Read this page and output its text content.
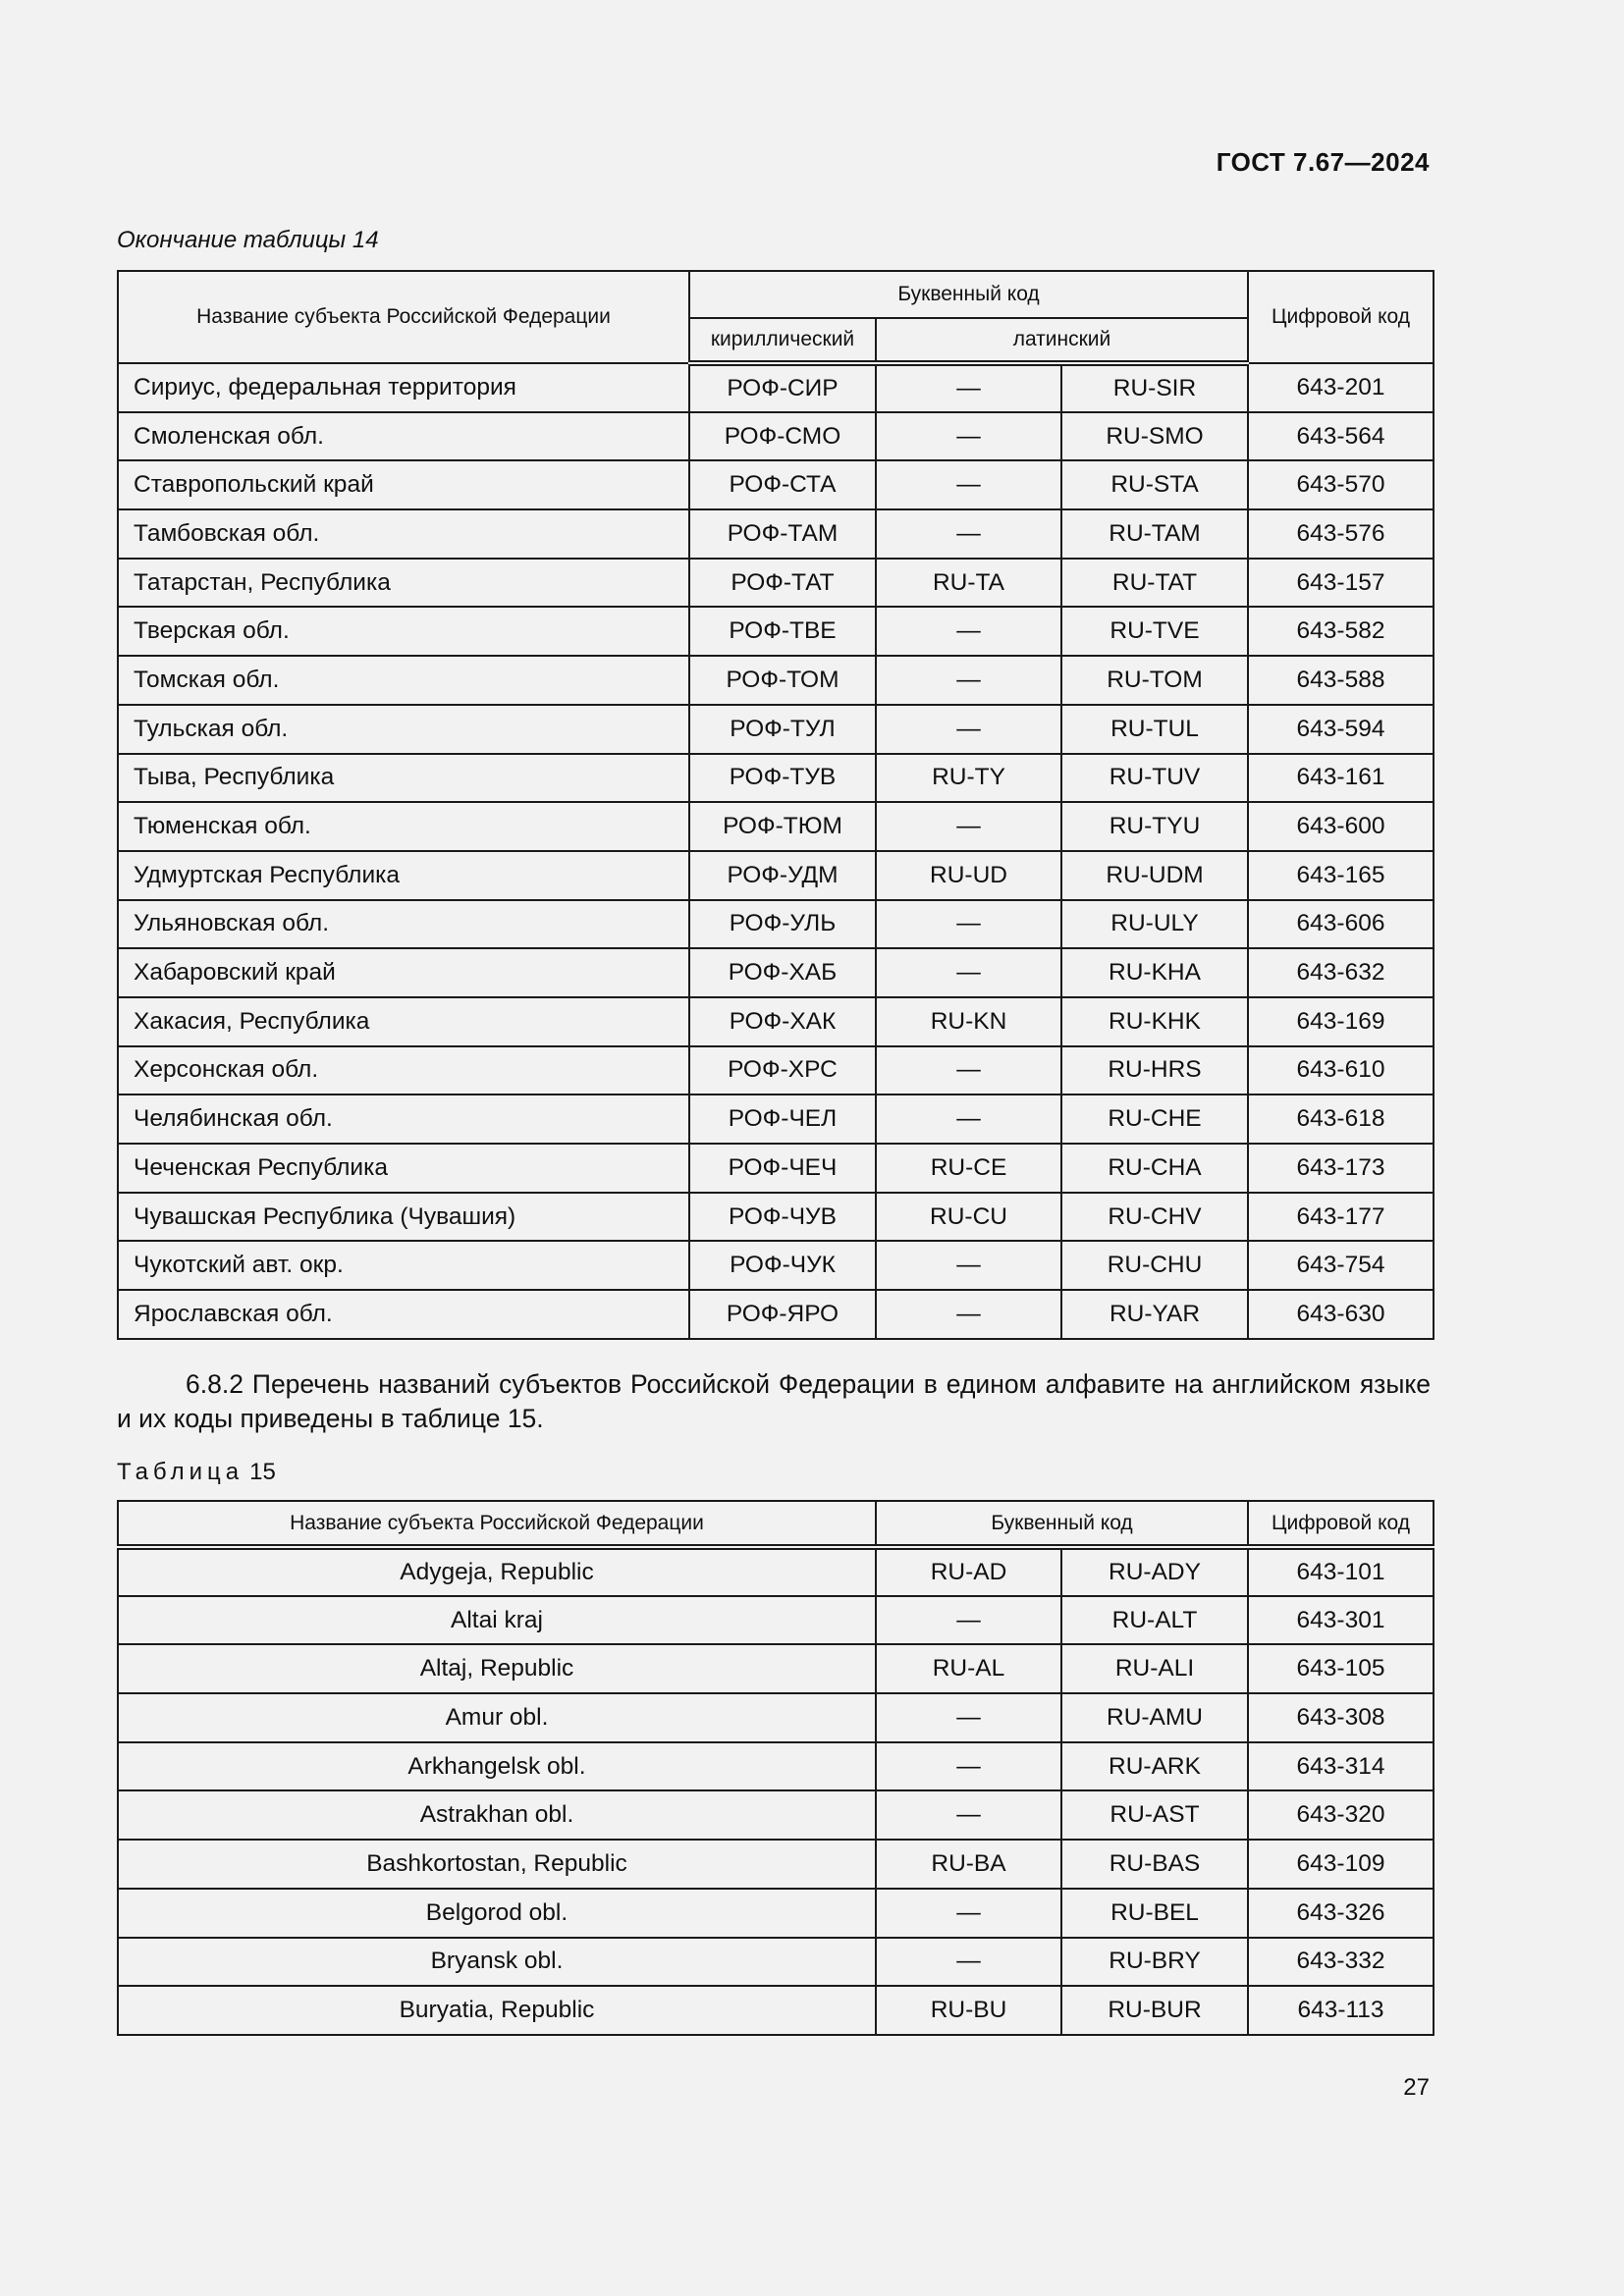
ГОСТ 7.67—2024
Окончание таблицы 14
Название субъекта Российской Федерации	Буквенный код			Цифровой код
	кириллический	латинский		
Сириус, федеральная территория	РОФ-СИР	—	RU-SIR	643-201
Смоленская обл.	РОФ-СМО	—	RU-SMO	643-564
Ставропольский край	РОФ-СТА	—	RU-STA	643-570
Тамбовская обл.	РОФ-ТАМ	—	RU-TAM	643-576
Татарстан, Республика	РОФ-ТАТ	RU-TA	RU-TAT	643-157
Тверская обл.	РОФ-ТВЕ	—	RU-TVE	643-582
Томская обл.	РОФ-ТОМ	—	RU-TOM	643-588
Тульская обл.	РОФ-ТУЛ	—	RU-TUL	643-594
Тыва, Республика	РОФ-ТУВ	RU-TY	RU-TUV	643-161
Тюменская обл.	РОФ-ТЮМ	—	RU-TYU	643-600
Удмуртская Республика	РОФ-УДМ	RU-UD	RU-UDM	643-165
Ульяновская обл.	РОФ-УЛЬ	—	RU-ULY	643-606
Хабаровский край	РОФ-ХАБ	—	RU-KHA	643-632
Хакасия, Республика	РОФ-ХАК	RU-KN	RU-KHK	643-169
Херсонская обл.	РОФ-ХРС	—	RU-HRS	643-610
Челябинская обл.	РОФ-ЧЕЛ	—	RU-CHE	643-618
Чеченская Республика	РОФ-ЧЕЧ	RU-CE	RU-CHA	643-173
Чувашская Республика (Чувашия)	РОФ-ЧУВ	RU-CU	RU-CHV	643-177
Чукотский авт. окр.	РОФ-ЧУК	—	RU-CHU	643-754
Ярославская обл.	РОФ-ЯРО	—	RU-YAR	643-630
6.8.2 Перечень названий субъектов Российской Федерации в едином алфавите на английском языке и их коды приведены в таблице 15.
Таблица 15
Название субъекта Российской Федерации	Буквенный код		Цифровой код
Adygeja, Republic	RU-AD	RU-ADY	643-101
Altai kraj	—	RU-ALT	643-301
Altaj, Republic	RU-AL	RU-ALI	643-105
Amur obl.	—	RU-AMU	643-308
Arkhangelsk obl.	—	RU-ARK	643-314
Astrakhan obl.	—	RU-AST	643-320
Bashkortostan, Republic	RU-BA	RU-BAS	643-109
Belgorod obl.	—	RU-BEL	643-326
Bryansk obl.	—	RU-BRY	643-332
Buryatia, Republic	RU-BU	RU-BUR	643-113
27
